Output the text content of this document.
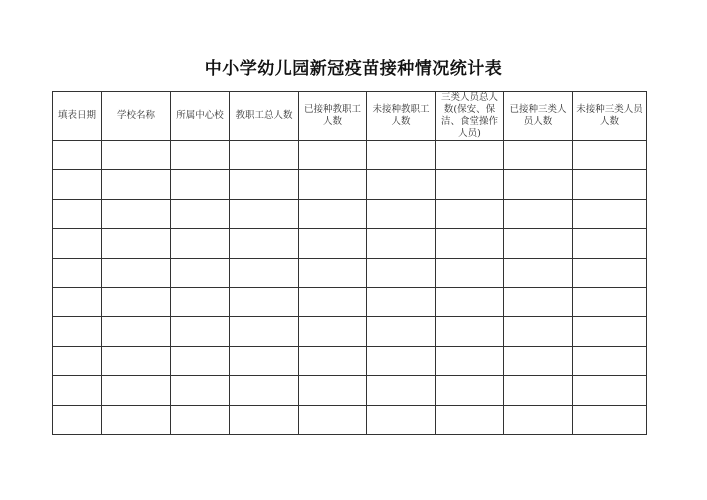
中小学幼儿园新冠疫苗接种情况统计表
填表日期	学校名称	所属中心校	教职工总人数	已接种教职工人数	未接种教职工人数	三类人员总人数(保安、保洁、食堂操作人员)	已接种三类人员人数	未接种三类人员人数
